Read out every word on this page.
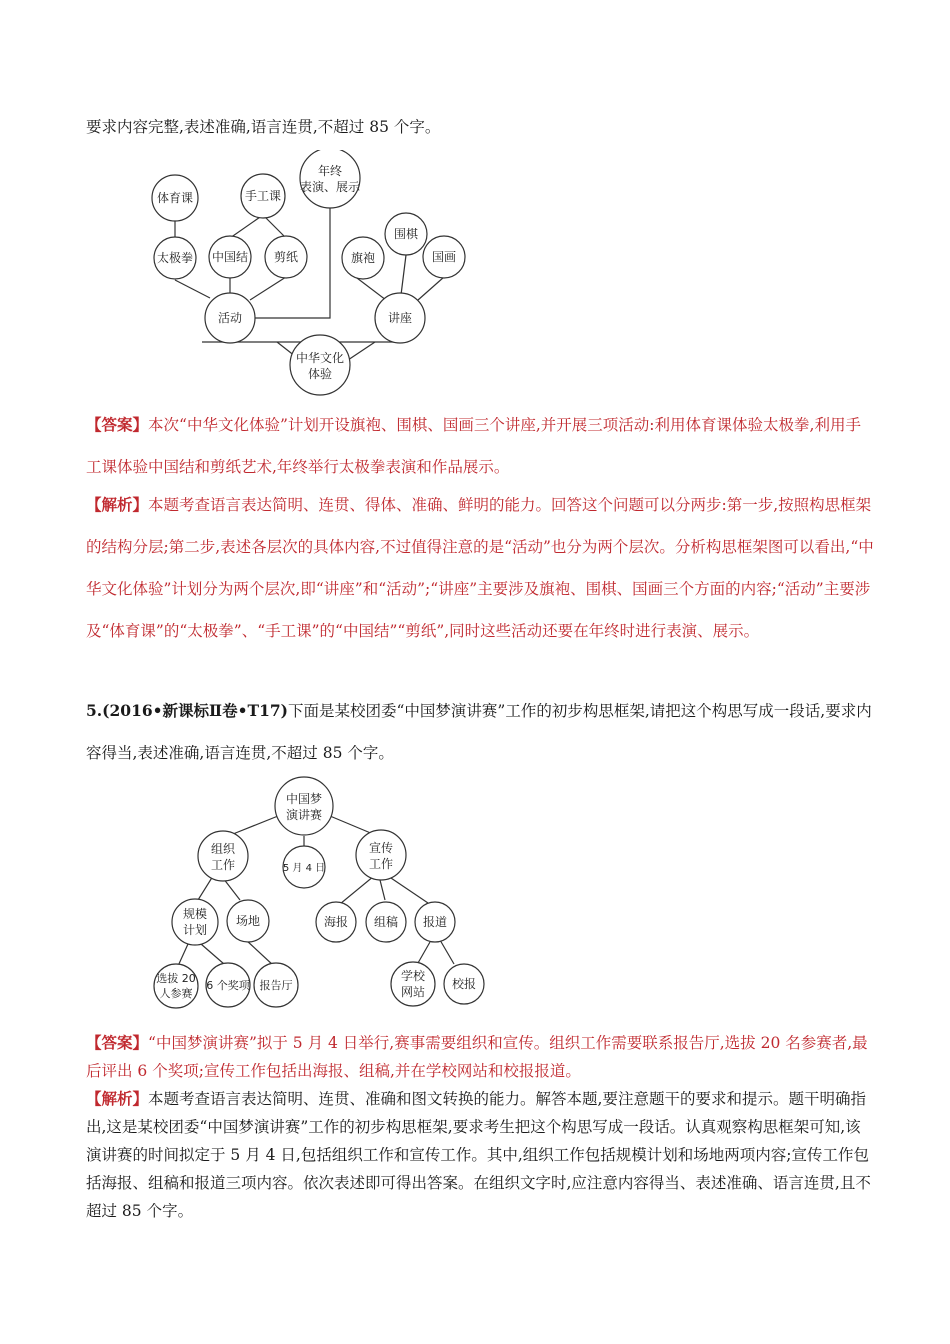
要求内容完整,表述准确,语言连贯,不超过 85 个字。

体育课	手工课
年终
表演、展示
太极拳 中国结 剪纸
围棋
旗袍	国画
活动	讲座
中华文化
体验

【答案】本次“中华文化体验”计划开设旗袍、围棋、国画三个讲座,并开展三项活动:利用体育课体验太极拳,利用手工课体验中国结和剪纸艺术,年终举行太极拳表演和作品展示。

【解析】本题考查语言表达简明、连贯、得体、准确、鲜明的能力。回答这个问题可以分两步:第一步,按照构思框架的结构分层;第二步,表述各层次的具体内容,不过值得注意的是“活动”也分为两个层次。分析构思框架图可以看出,“中华文化体验”计划分为两个层次,即“讲座”和“活动”;“讲座”主要涉及旗袍、围棋、国画三个方面的内容;“活动”主要涉及“体育课”的“太极拳”、“手工课”的“中国结”“剪纸”,同时这些活动还要在年终时进行表演、展示。

5.(2016•新课标Ⅱ卷•T17)下面是某校团委“中国梦演讲赛”工作的初步构思框架,请把这个构思写成一段话,要求内容得当,表述准确,语言连贯,不超过 85 个字。

中国梦
演讲赛
组织
工作	5 月 4 日
宣传
工作
规模
计划
场地	海报 组稿 报道
选拔 20
人参赛
6 个奖项 报告厅
学校
网站
校报

【答案】“中国梦演讲赛”拟于 5 月 4 日举行,赛事需要组织和宣传。组织工作需要联系报告厅,选拔 20 名参赛者,最后评出 6 个奖项;宣传工作包括出海报、组稿,并在学校网站和校报报道。

【解析】本题考查语言表达简明、连贯、准确和图文转换的能力。解答本题,要注意题干的要求和提示。题干明确指出,这是某校团委“中国梦演讲赛”工作的初步构思框架,要求考生把这个构思写成一段话。认真观察构思框架可知,该演讲赛的时间拟定于 5 月 4 日,包括组织工作和宣传工作。其中,组织工作包括规模计划和场地两项内容;宣传工作包括海报、组稿和报道三项内容。依次表述即可得出答案。在组织文字时,应注意内容得当、表述准确、语言连贯,且不超过 85 个字。
